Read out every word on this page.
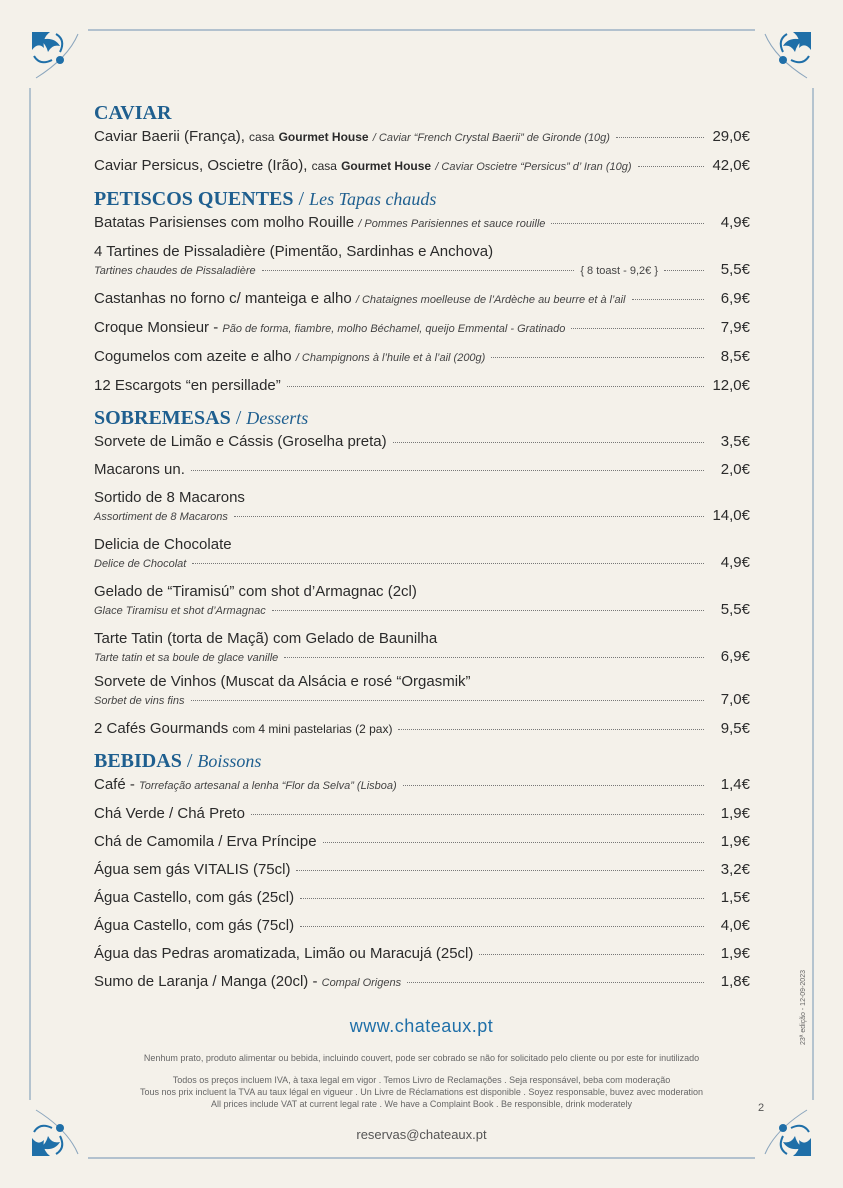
CAVIAR
Caviar Baerii (França),
casa
Gourmet House
/ Caviar “French Crystal Baerii” de Gironde (10g)	29,0€
Caviar Persicus, Oscietre (Irão),
casa
Gourmet House
/ Caviar Oscietre “Persicus” d’ Iran (10g)	42,0€
PETISCOS QUENTES / Les Tapas chauds
Batatas Parisienses com molho Rouille
/ Pommes Parisiennes et sauce rouille	4,9€
4 Tartines de Pissaladière (Pimentão, Sardinhas e Anchova)
Tartines chaudes de Pissaladière	{ 8 toast - 9,2€ }	5,5€
Castanhas no forno c/ manteiga e alho
/ Chataignes moelleuse de l’Ardèche au beurre et à l’ail	6,9€
Croque Monsieur -
Pão de forma, fiambre, molho Béchamel, queijo Emmental - Gratinado	7,9€
Cogumelos com azeite e alho
/ Champignons à l’huile et à l’ail (200g)	8,5€
12 Escargots “en persillade”	12,0€
SOBREMESAS / Desserts
Sorvete de Limão e Cássis (Groselha preta)	3,5€
Macarons un.	2,0€
Sortido de 8 Macarons
Assortiment de 8 Macarons	14,0€
Delicia de Chocolate
Delice de Chocolat	4,9€
Gelado de “Tiramisú” com shot d’Armagnac (2cl)
Glace Tiramisu et shot d’Armagnac	5,5€
Tarte Tatin (torta de Maçã) com Gelado de Baunilha
Tarte tatin et sa boule de glace vanille	6,9€
Sorvete de Vinhos (Muscat da Alsácia e rosé “Orgasmik”
Sorbet de vins fins	7,0€
2 Cafés Gourmands
com 4 mini pastelarias (2 pax)	9,5€
BEBIDAS / Boissons
Café -
Torrefação artesanal a lenha “Flor da Selva” (Lisboa)	1,4€
Chá Verde / Chá Preto	1,9€
Chá de Camomila / Erva Príncipe	1,9€
Água sem gás VITALIS (75cl)	3,2€
Água Castello, com gás (25cl)	1,5€
Água Castello, com gás (75cl)	4,0€
Água das Pedras aromatizada, Limão ou Maracujá (25cl)	1,9€
Sumo de Laranja / Manga (20cl) -
Compal Origens	1,8€
www.chateaux.pt
Nenhum prato, produto alimentar ou bebida, incluindo couvert, pode ser cobrado se não for solicitado pelo cliente ou por este for inutilizado
Todos os preços incluem IVA, à taxa legal em vigor . Temos Livro de Reclamações . Seja responsável, beba com moderação
Tous nos prix incluent la TVA au taux légal en vigueur . Un Livre de Réclamations est disponible . Soyez responsable, buvez avec moderation
All prices include VAT at current legal rate . We have a Complaint Book . Be responsible, drink moderately	2
reservas@chateaux.pt
23ª edição - 12-09-2023
